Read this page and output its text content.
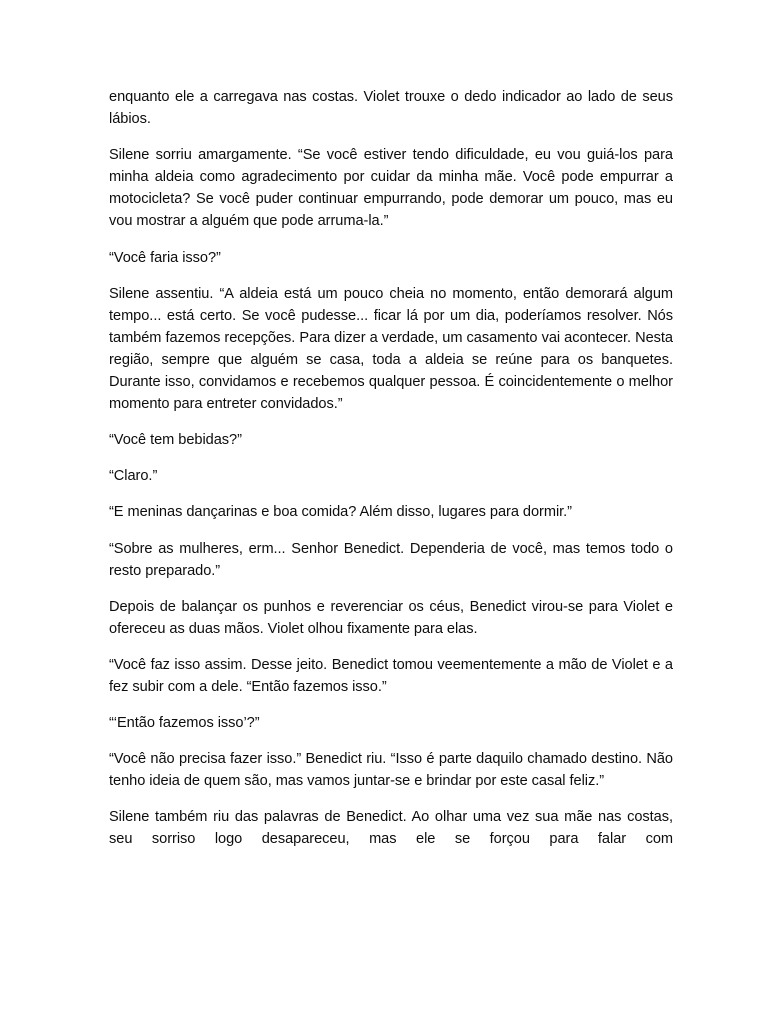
enquanto ele a carregava nas costas. Violet trouxe o dedo indicador ao lado de seus lábios.

Silene sorriu amargamente. “Se você estiver tendo dificuldade, eu vou guiá-los para minha aldeia como agradecimento por cuidar da minha mãe. Você pode empurrar a motocicleta? Se você puder continuar empurrando, pode demorar um pouco, mas eu vou mostrar a alguém que pode arruma-la.”

“Você faria isso?”

Silene assentiu. “A aldeia está um pouco cheia no momento, então demorará algum tempo... está certo. Se você pudesse... ficar lá por um dia, poderíamos resolver. Nós também fazemos recepções. Para dizer a verdade, um casamento vai acontecer. Nesta região, sempre que alguém se casa, toda a aldeia se reúne para os banquetes. Durante isso, convidamos e recebemos qualquer pessoa. É coincidentemente o melhor momento para entreter convidados.”

“Você tem bebidas?”

“Claro.”

“E meninas dançarinas e boa comida? Além disso, lugares para dormir.”

“Sobre as mulheres, erm... Senhor Benedict. Dependeria de você, mas temos todo o resto preparado.”

Depois de balançar os punhos e reverenciar os céus, Benedict virou-se para Violet e ofereceu as duas mãos. Violet olhou fixamente para elas.

“Você faz isso assim. Desse jeito. Benedict tomou veementemente a mão de Violet e a fez subir com a dele. “Então fazemos isso.”

“‘Então fazemos isso’?”

“Você não precisa fazer isso.” Benedict riu. “Isso é parte daquilo chamado destino. Não tenho ideia de quem são, mas vamos juntar-se e brindar por este casal feliz.”

Silene também riu das palavras de Benedict. Ao olhar uma vez sua mãe nas costas, seu sorriso logo desapareceu, mas ele se forçou para falar com
